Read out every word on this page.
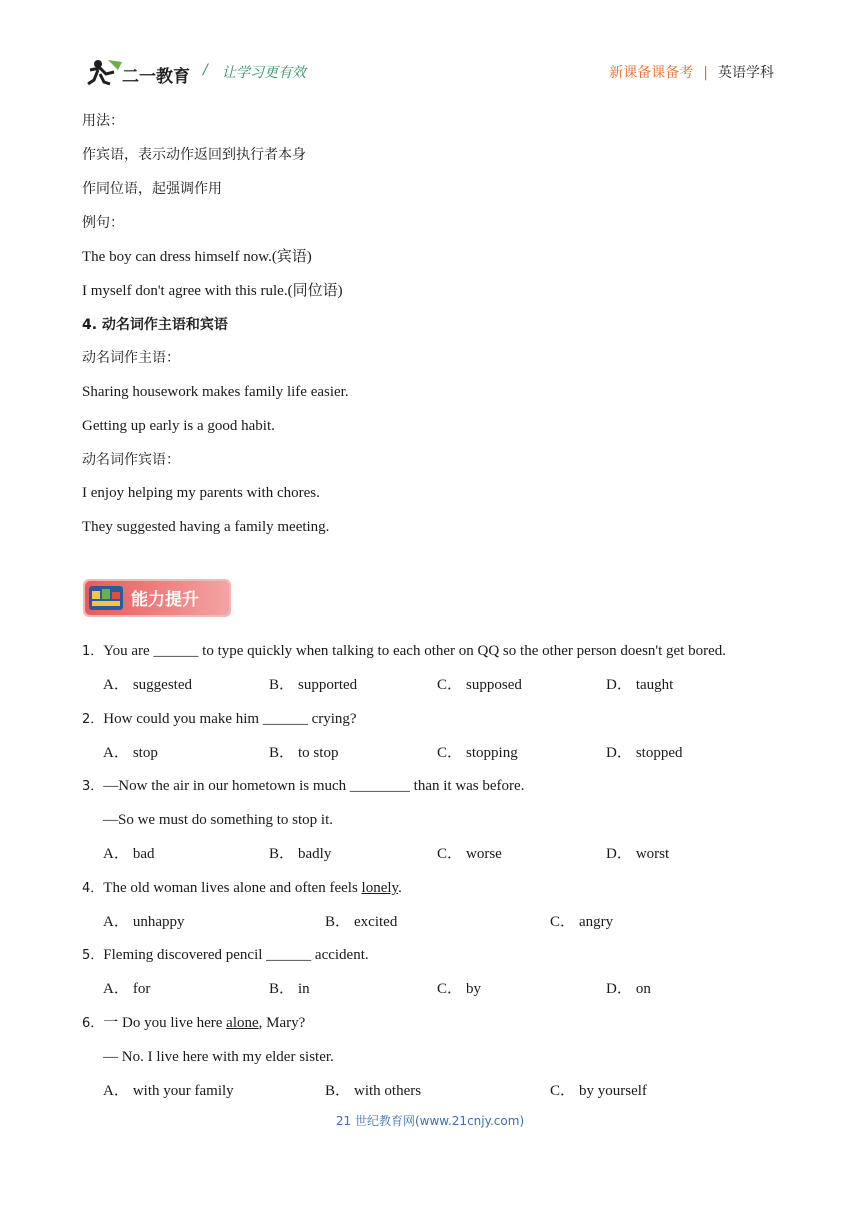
二一教育 / 让学习更有效	新课备课备考 | 英语学科
用法：
作宾语，表示动作返回到执行者本身
作同位语，起强调作用
例句：
The boy can dress himself now.(宾语)
I myself don't agree with this rule.(同位语)
4. 动名词作主语和宾语
动名词作主语：
Sharing housework makes family life easier.
Getting up early is a good habit.
动名词作宾语：
I enjoy helping my parents with chores.
They suggested having a family meeting.
能力提升
1．You are ______ to type quickly when talking to each other on QQ so the other person doesn't get bored.
A． suggested	B． supported	C． supposed	D． taught
2．How could you make him ______ crying?
A． stop	B． to stop	C． stopping	D． stopped
3．—Now the air in our hometown is much ________ than it was before.
—So we must do something to stop it.
A． bad	B． badly	C． worse	D． worst
4．The old woman lives alone and often feels lonely.
A． unhappy	B． excited	C． angry
5．Fleming discovered pencil ______ accident.
A． for	B． in	C． by	D． on
6．一 Do you live here alone, Mary?
— No. I live here with my elder sister.
A． with your family	B． with others	C． by yourself
21 世纪教育网(www.21cnjy.com)
